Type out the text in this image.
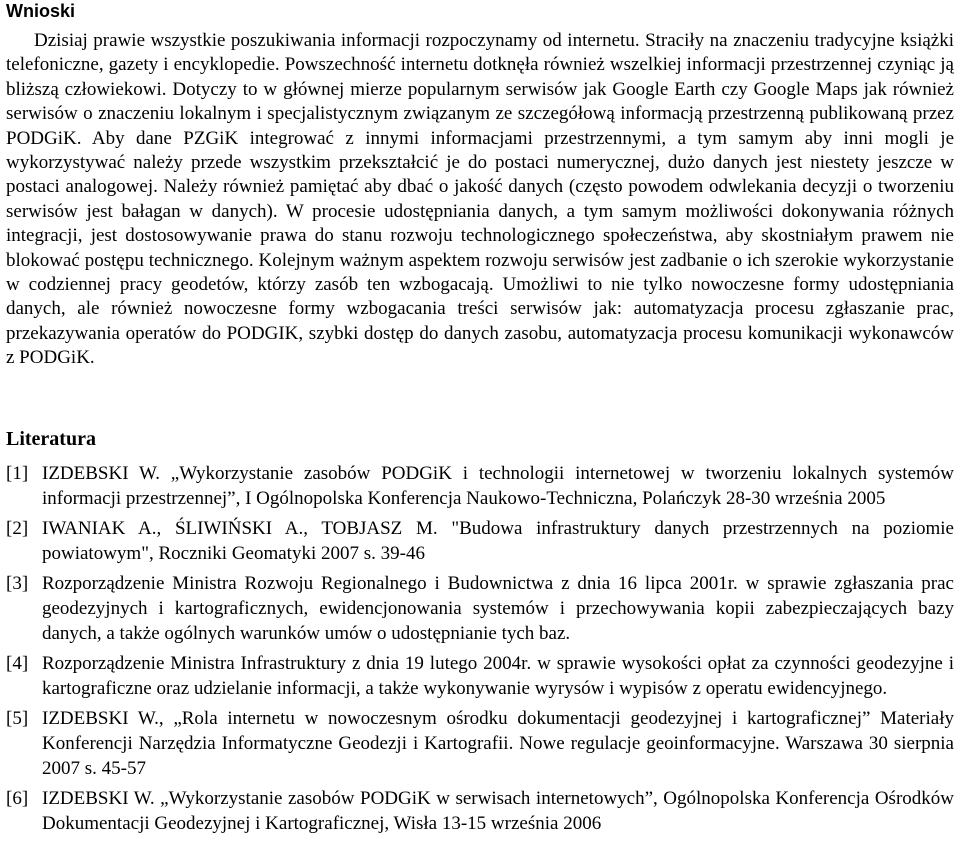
Wnioski

Dzisiaj prawie wszystkie poszukiwania informacji rozpoczynamy od internetu. Straciły na znaczeniu tradycyjne książki telefoniczne, gazety i encyklopedie. Powszechność internetu dotknęła również wszelkiej informacji przestrzennej czyniąc ją bliższą człowiekowi. Dotyczy to w głównej mierze popularnym serwisów jak Google Earth czy Google Maps jak również serwisów o znaczeniu lokalnym i specjalistycznym związanym ze szczegółową informacją przestrzenną publikowaną przez PODGiK. Aby dane PZGiK integrować z innymi informacjami przestrzennymi, a tym samym aby inni mogli je wykorzystywać należy przede wszystkim przekształcić je do postaci numerycznej, dużo danych jest niestety jeszcze w postaci analogowej. Należy również pamiętać aby dbać o jakość danych (często powodem odwlekania decyzji o tworzeniu serwisów jest bałagan w danych). W procesie udostępniania danych, a tym samym możliwości dokonywania różnych integracji, jest dostosowywanie prawa do stanu rozwoju technologicznego społeczeństwa, aby skostniałym prawem nie blokować postępu technicznego. Kolejnym ważnym aspektem rozwoju serwisów jest zadbanie o ich szerokie wykorzystanie w codziennej pracy geodetów, którzy zasób ten wzbogacają. Umożliwi to nie tylko nowoczesne formy udostępniania danych, ale również nowoczesne formy wzbogacania treści serwisów jak: automatyzacja procesu zgłaszanie prac, przekazywania operatów do PODGIK, szybki dostęp do danych zasobu, automatyzacja procesu komunikacji wykonawców z PODGiK.

Literatura
[1] IZDEBSKI W. „Wykorzystanie zasobów PODGiK i technologii internetowej w tworzeniu lokalnych systemów informacji przestrzennej”, I Ogólnopolska Konferencja Naukowo-Techniczna, Polańczyk 28-30 września 2005
[2] IWANIAK A., ŚLIWIŃSKI A., TOBJASZ M. "Budowa infrastruktury danych przestrzennych na poziomie powiatowym", Roczniki Geomatyki 2007 s. 39-46
[3] Rozporządzenie Ministra Rozwoju Regionalnego i Budownictwa z dnia 16 lipca 2001r. w sprawie zgłaszania prac geodezyjnych i kartograficznych, ewidencjonowania systemów i przechowywania kopii zabezpieczających bazy danych, a także ogólnych warunków umów o udostępnianie tych baz.
[4] Rozporządzenie Ministra Infrastruktury z dnia 19 lutego 2004r. w sprawie wysokości opłat za czynności geodezyjne i kartograficzne oraz udzielanie informacji, a także wykonywanie wyrysów i wypisów z operatu ewidencyjnego.
[5] IZDEBSKI W., „Rola internetu w nowoczesnym ośrodku dokumentacji geodezyjnej i kartograficznej” Materiały Konferencji Narzędzia Informatyczne Geodezji i Kartografii. Nowe regulacje geoinformacyjne. Warszawa 30 sierpnia 2007 s. 45-57
[6] IZDEBSKI W. „Wykorzystanie zasobów PODGiK w serwisach internetowych”, Ogólnopolska Konferencja Ośrodków Dokumentacji Geodezyjnej i Kartograficznej, Wisła 13-15 września 2006
